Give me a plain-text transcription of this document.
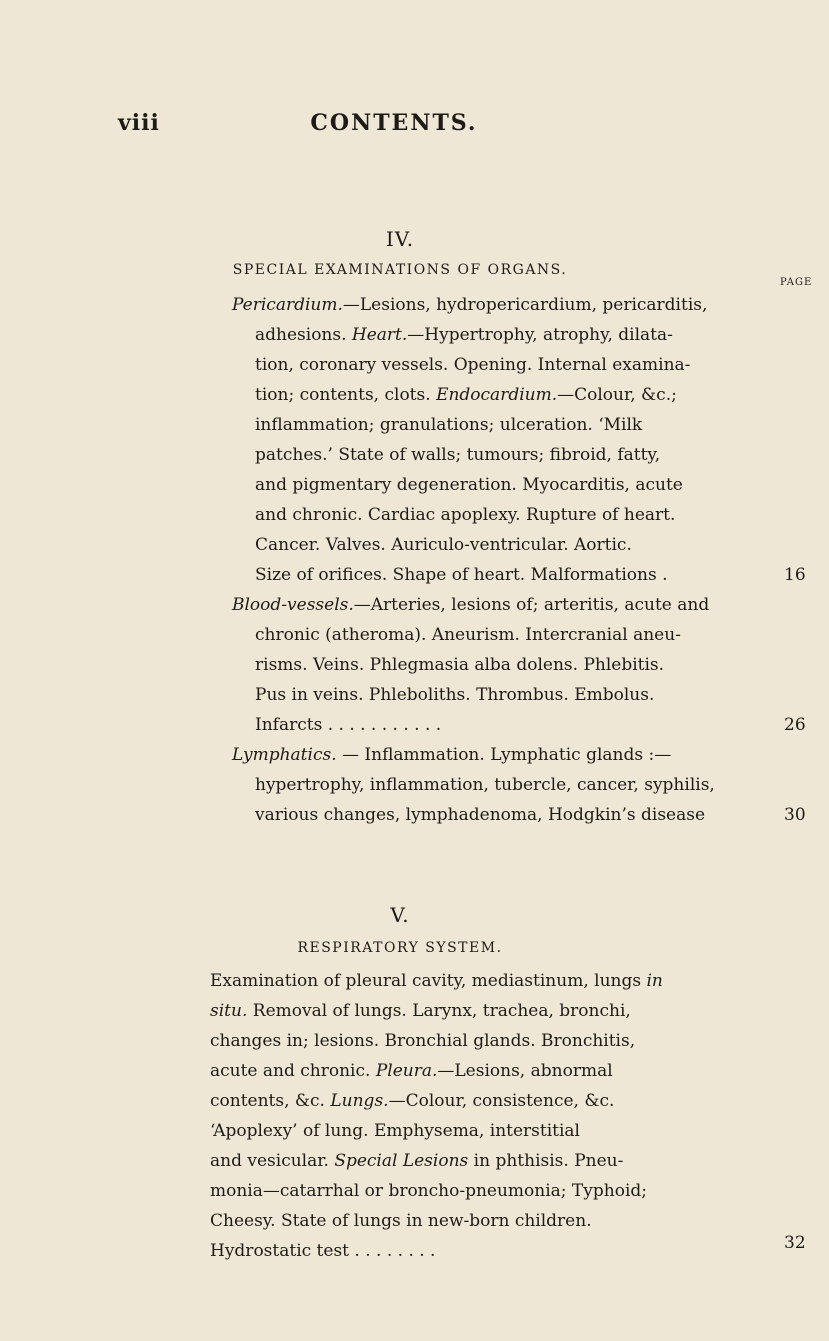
viii	CONTENTS.
IV.
SPECIAL EXAMINATIONS OF ORGANS.
PAGE
Pericardium.—Lesions, hydropericardium, pericarditis,
adhesions. Heart.—Hypertrophy, atrophy, dilata-
tion, coronary vessels. Opening. Internal examina-
tion; contents, clots. Endocardium.—Colour, &c.;
inflammation; granulations; ulceration. ‘Milk
patches.’ State of walls; tumours; fibroid, fatty,
and pigmentary degeneration. Myocarditis, acute
and chronic. Cardiac apoplexy. Rupture of heart.
Cancer. Valves. Auriculo-ventricular. Aortic.
Size of orifices. Shape of heart. Malformations .	16
Blood-vessels.—Arteries, lesions of; arteritis, acute and
chronic (atheroma). Aneurism. Intercranial aneu-
risms. Veins. Phlegmasia alba dolens. Phlebitis.
Pus in veins. Phleboliths. Thrombus. Embolus.
Infarcts . . . . . . . . . . .	26
Lymphatics. — Inflammation. Lymphatic glands :—
hypertrophy, inflammation, tubercle, cancer, syphilis,
various changes, lymphadenoma, Hodgkin’s disease	30
V.
RESPIRATORY SYSTEM.
Examination of pleural cavity, mediastinum, lungs in
situ. Removal of lungs. Larynx, trachea, bronchi,
changes in; lesions. Bronchial glands. Bronchitis,
acute and chronic. Pleura.—Lesions, abnormal
contents, &c. Lungs.—Colour, consistence, &c.
‘Apoplexy’ of lung. Emphysema, interstitial
and vesicular. Special Lesions in phthisis. Pneu-
monia—catarrhal or broncho-pneumonia; Typhoid;
Cheesy. State of lungs in new-born children.
Hydrostatic test . . . . . . . .	32
